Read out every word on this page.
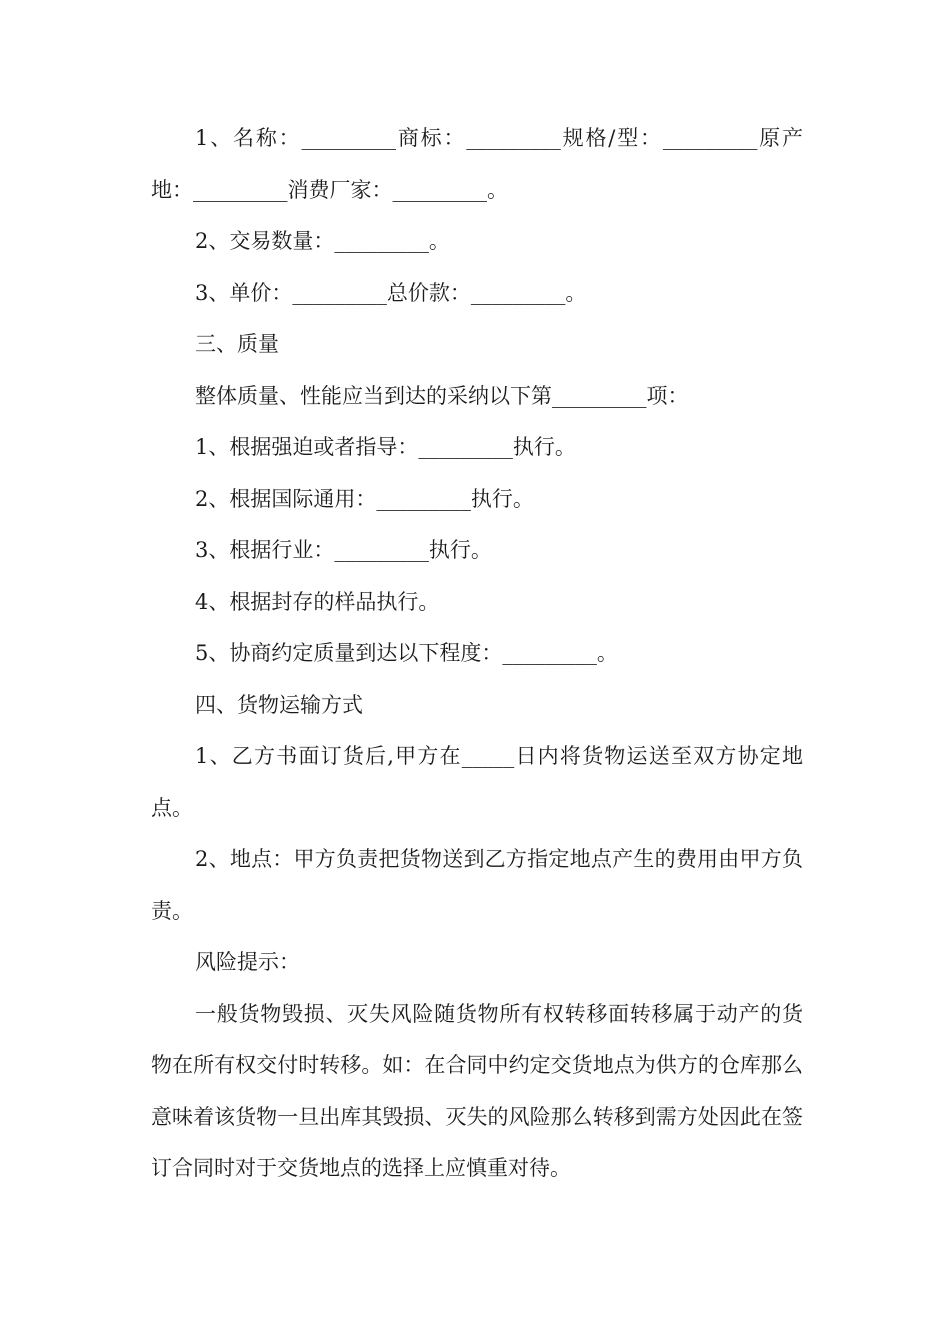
1、名称：_________商标：_________规格/型：_________原产地：_________消费厂家：_________。

2、交易数量：_________。

3、单价：_________总价款：_________。

三、质量

整体质量、性能应当到达的采纳以下第_________项：

1、根据强迫或者指导：_________执行。

2、根据国际通用：_________执行。

3、根据行业：_________执行。

4、根据封存的样品执行。

5、协商约定质量到达以下程度：_________。

四、货物运输方式

1、乙方书面订货后,甲方在_____日内将货物运送至双方协定地点。

2、地点：甲方负责把货物送到乙方指定地点产生的费用由甲方负责。

风险提示：

一般货物毁损、灭失风险随货物所有权转移面转移属于动产的货物在所有权交付时转移。如：在合同中约定交货地点为供方的仓库那么意味着该货物一旦出库其毁损、灭失的风险那么转移到需方处因此在签订合同时对于交货地点的选择上应慎重对待。
